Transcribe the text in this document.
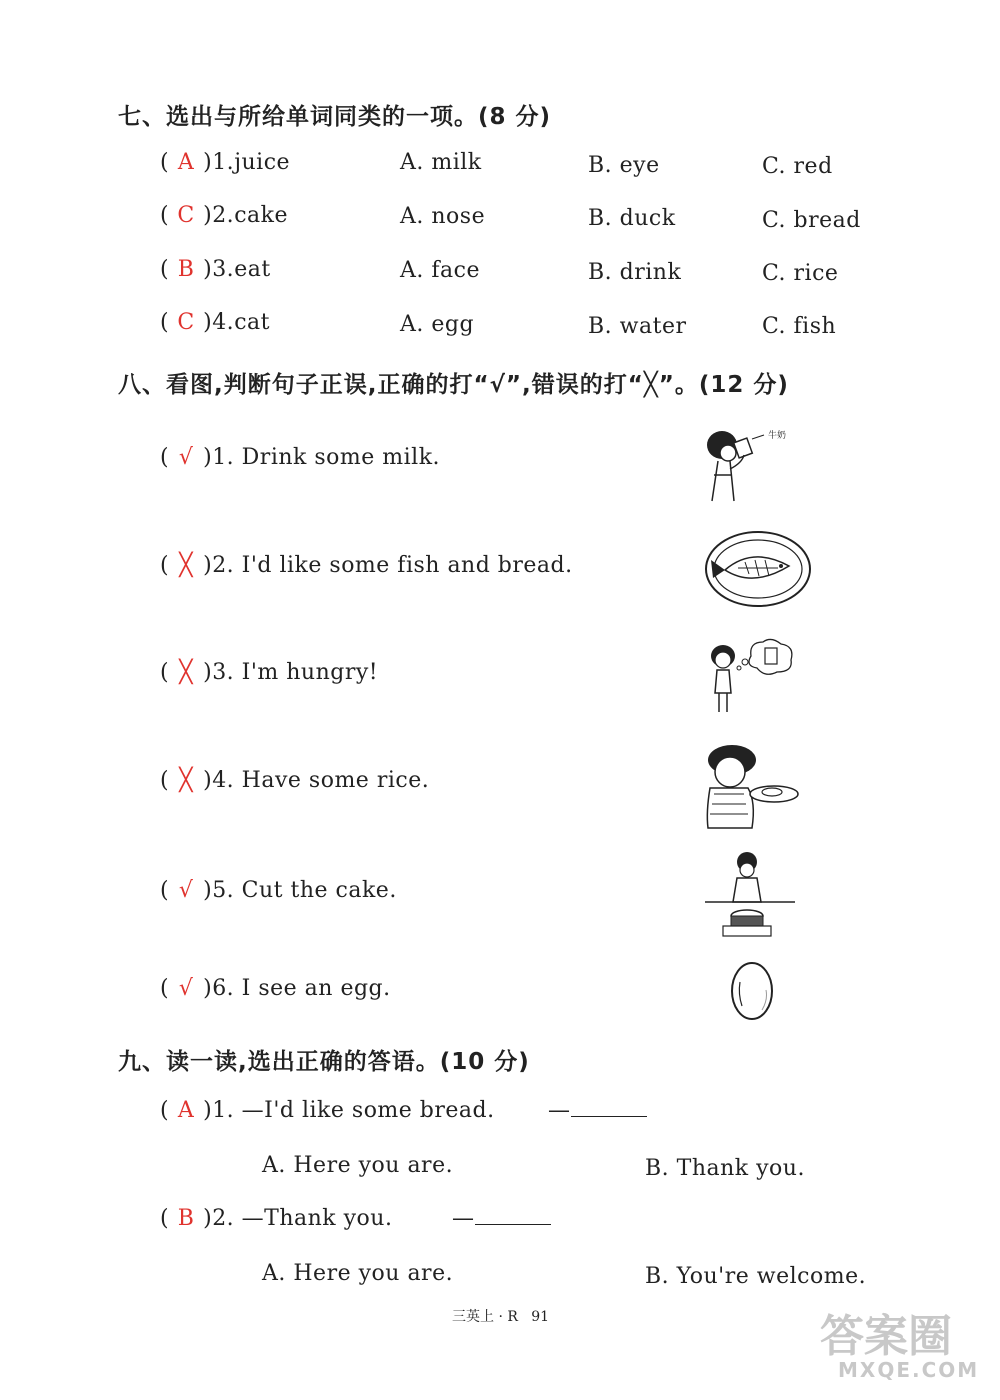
七、选出与所给单词同类的一项。(8 分)
( A )1.juice	A. milk	B. eye	C. red
( C )2.cake	A. nose	B. duck	C. bread
( B )3.eat	A. face	B. drink	C. rice
( C )4.cat	A. egg	B. water	C. fish
八、看图,判断句子正误,正确的打“√”,错误的打“╳”。(12 分)
( √ )1. Drink some milk.
( ╳ )2. I'd like some fish and bread.
( ╳ )3. I'm hungry!
( ╳ )4. Have some rice.
( √ )5. Cut the cake.
( √ )6. I see an egg.
牛奶
九、读一读,选出正确的答语。(10 分)
( A )1. —I'd like some bread. —
A. Here you are.	B. Thank you.
( B )2. —Thank you.	—
A. Here you are.	B. You're welcome.
三英上 · R 91	答案圈
MXQE.COM
